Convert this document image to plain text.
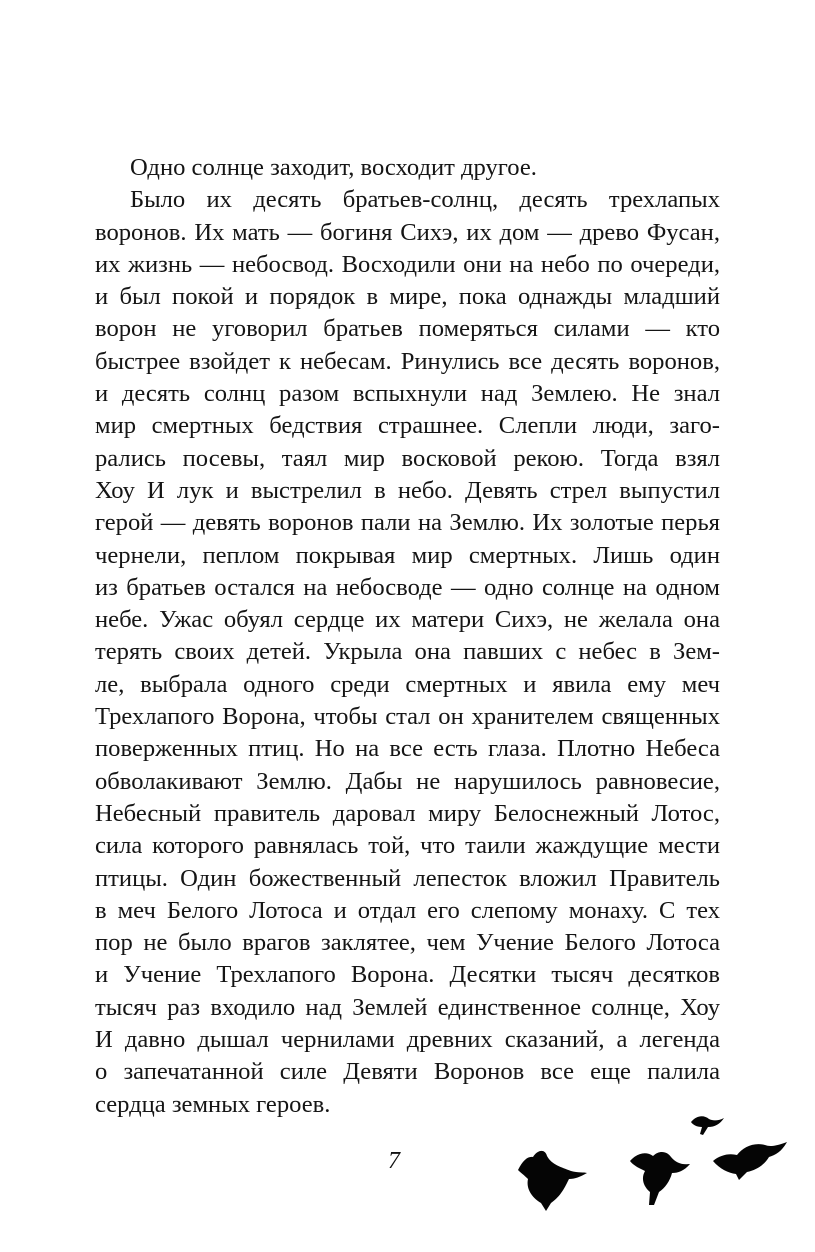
Одно солнце заходит, восходит другое.
Было их десять братьев-солнц, десять трехлапых
воронов. Их мать — богиня Сихэ, их дом — древо Фусан,
их жизнь — небосвод. Восходили они на небо по очереди,
и был покой и порядок в мире, пока однажды младший
ворон не уговорил братьев померяться силами — кто
быстрее взойдет к небесам. Ринулись все десять воронов,
и десять солнц разом вспыхнули над Землею. Не знал
мир смертных бедствия страшнее. Слепли люди, заго-
рались посевы, таял мир восковой рекою. Тогда взял
Хоу И лук и выстрелил в небо. Девять стрел выпустил
герой — девять воронов пали на Землю. Их золотые перья
чернели, пеплом покрывая мир смертных. Лишь один
из братьев остался на небосводе — одно солнце на одном
небе. Ужас обуял сердце их матери Сихэ, не желала она
терять своих детей. Укрыла она павших с небес в Зем-
ле, выбрала одного среди смертных и явила ему меч
Трехлапого Ворона, чтобы стал он хранителем священных
поверженных птиц. Но на все есть глаза. Плотно Небеса
обволакивают Землю. Дабы не нарушилось равновесие,
Небесный правитель даровал миру Белоснежный Лотос,
сила которого равнялась той, что таили жаждущие мести
птицы. Один божественный лепесток вложил Правитель
в меч Белого Лотоса и отдал его слепому монаху. С тех
пор не было врагов заклятее, чем Учение Белого Лотоса
и Учение Трехлапого Ворона. Десятки тысяч десятков
тысяч раз входило над Землей единственное солнце, Хоу
И давно дышал чернилами древних сказаний, а легенда
о запечатанной силе Девяти Воронов все еще палила
сердца земных героев.
7
